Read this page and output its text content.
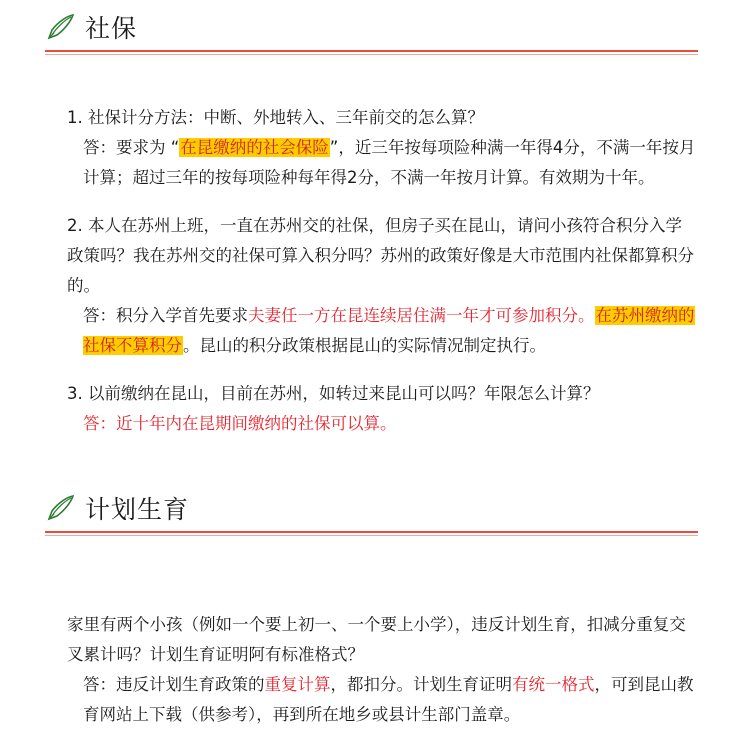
社保

1. 社保计分方法：中断、外地转入、三年前交的怎么算？

答：要求为 “在昆缴纳的社会保险”，近三年按每项险种满一年得4分，不满一年按月计算；超过三年的按每项险种每年得2分，不满一年按月计算。有效期为十年。

2. 本人在苏州上班，一直在苏州交的社保，但房子买在昆山，请问小孩符合积分入学政策吗？我在苏州交的社保可算入积分吗？苏州的政策好像是大市范围内社保都算积分的。

答：积分入学首先要求夫妻任一方在昆连续居住满一年才可参加积分。在苏州缴纳的社保不算积分。昆山的积分政策根据昆山的实际情况制定执行。

3. 以前缴纳在昆山，目前在苏州，如转过来昆山可以吗？年限怎么计算？

答：近十年内在昆期间缴纳的社保可以算。

计划生育

家里有两个小孩（例如一个要上初一、一个要上小学），违反计划生育，扣减分重复交叉累计吗？计划生育证明阿有标准格式？

答：违反计划生育政策的重复计算，都扣分。计划生育证明有统一格式，可到昆山教育网站上下载（供参考），再到所在地乡或县计生部门盖章。
